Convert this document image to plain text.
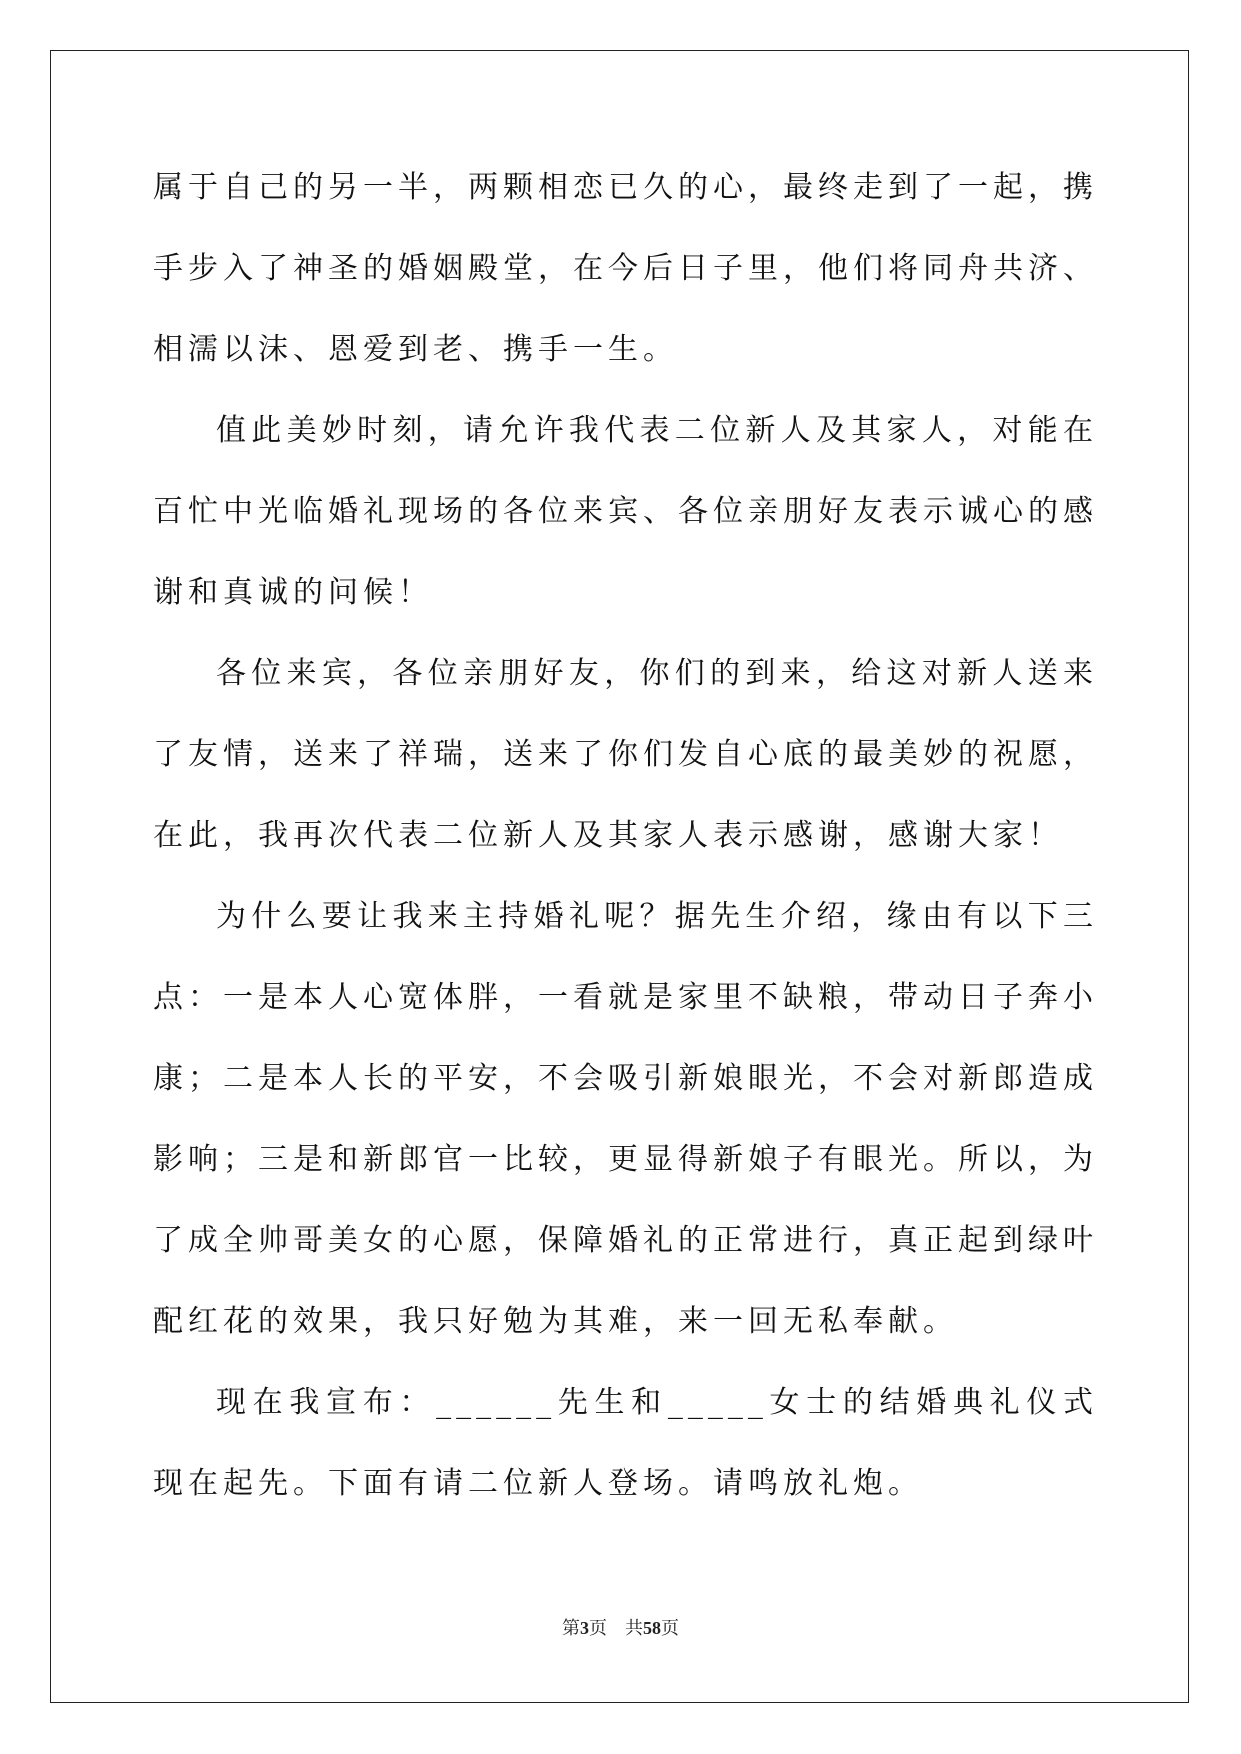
属于自己的另一半，两颗相恋已久的心，最终走到了一起，携手步入了神圣的婚姻殿堂，在今后日子里，他们将同舟共济、相濡以沫、恩爱到老、携手一生。

值此美妙时刻，请允许我代表二位新人及其家人，对能在百忙中光临婚礼现场的各位来宾、各位亲朋好友表示诚心的感谢和真诚的问候！

各位来宾，各位亲朋好友，你们的到来，给这对新人送来了友情，送来了祥瑞，送来了你们发自心底的最美妙的祝愿，在此，我再次代表二位新人及其家人表示感谢，感谢大家！

为什么要让我来主持婚礼呢？据先生介绍，缘由有以下三点：一是本人心宽体胖，一看就是家里不缺粮，带动日子奔小康；二是本人长的平安，不会吸引新娘眼光，不会对新郎造成影响；三是和新郎官一比较，更显得新娘子有眼光。所以，为了成全帅哥美女的心愿，保障婚礼的正常进行，真正起到绿叶配红花的效果，我只好勉为其难，来一回无私奉献。

现在我宣布：______先生和_____女士的结婚典礼仪式现在起先。下面有请二位新人登场。请鸣放礼炮。

第3页 共58页
